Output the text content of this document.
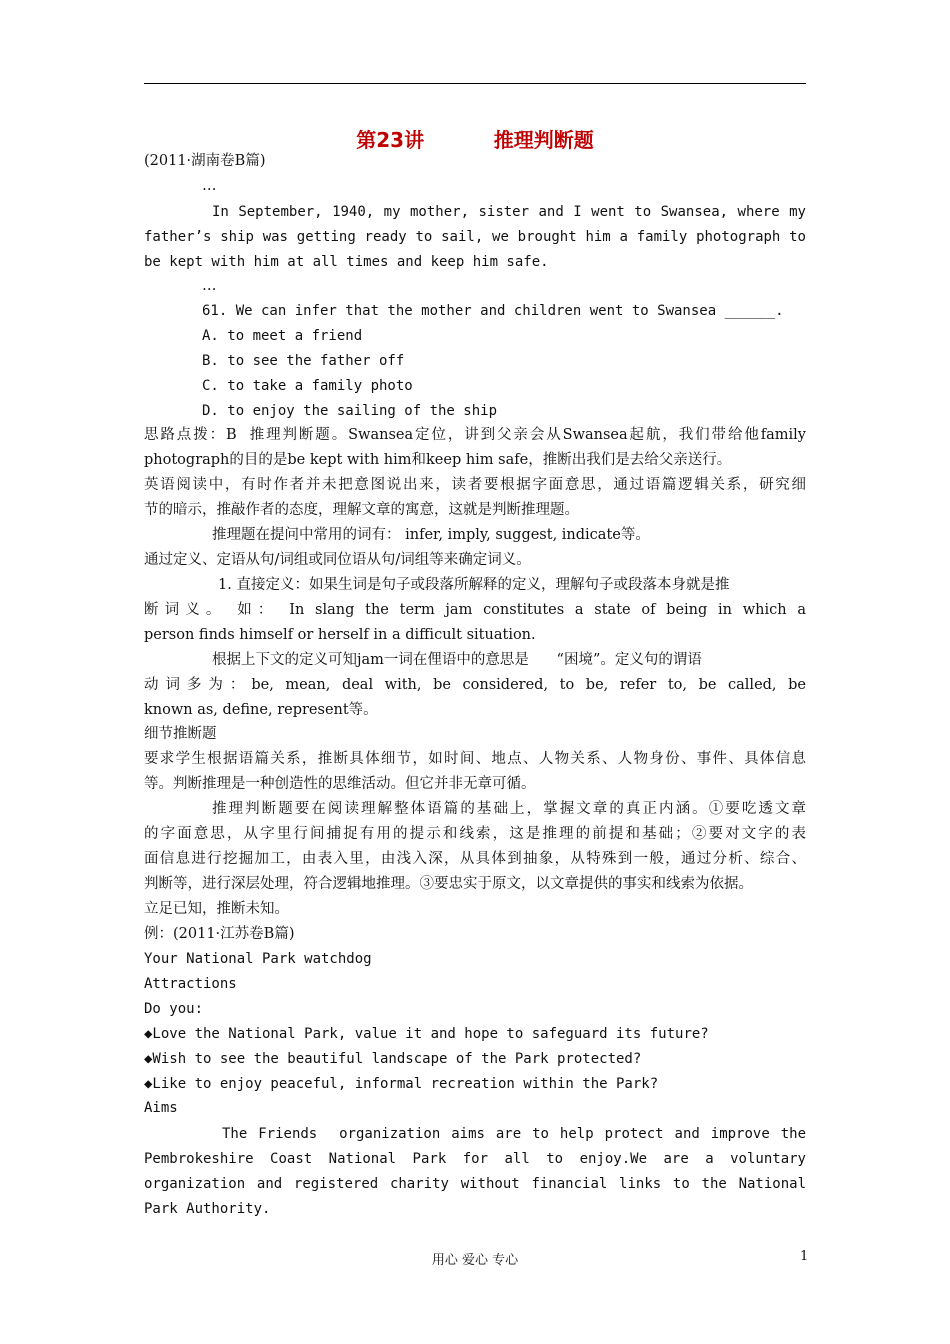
第23讲          推理判断题
(2011·湖南卷B篇)
…
In September, 1940, my mother, sister and I went to Swansea, where my
father’s ship was getting ready to sail, we brought him a family photograph to
be kept with him at all times and keep him safe.
…
61. We can infer that the mother and children went to Swansea ______.
A. to meet a friend
B. to see the father off
C. to take a family photo
D. to enjoy the sailing of the ship
思路点拨：B  推理判断题。Swansea定位，讲到父亲会从Swansea起航，我们带给他family
photograph的目的是be kept with him和keep him safe，推断出我们是去给父亲送行。
英语阅读中，有时作者并未把意图说出来，读者要根据字面意思，通过语篇逻辑关系，研究细
节的暗示，推敲作者的态度，理解文章的寓意，这就是判断推理题。
推理题在提问中常用的词有： infer, imply, suggest, indicate等。
通过定义、定语从句/词组或同位语从句/词组等来确定词义。
1. 直接定义：如果生词是句子或段落所解释的定义，理解句子或段落本身就是推
断词义。 如： In slang the term jam constitutes a state of being in which a
person finds himself or herself in a difficult situation.
根据上下文的定义可知jam一词在俚语中的意思是      “困境”。定义句的谓语
动词多为：be, mean, deal with, be considered, to be, refer to, be called, be
known as, define, represent等。
细节推断题
要求学生根据语篇关系，推断具体细节，如时间、地点、人物关系、人物身份、事件、具体信息
等。判断推理是一种创造性的思维活动。但它并非无章可循。
推理判断题要在阅读理解整体语篇的基础上，掌握文章的真正内涵。①要吃透文章
的字面意思，从字里行间捕捉有用的提示和线索，这是推理的前提和基础；②要对文字的表
面信息进行挖掘加工，由表入里，由浅入深，从具体到抽象，从特殊到一般，通过分析、综合、
判断等，进行深层处理，符合逻辑地推理。③要忠实于原文，以文章提供的事实和线索为依据。
立足已知，推断未知。
例：(2011·江苏卷B篇)
Your National Park watchdog
Attractions
Do you:
◆Love the National Park, value it and hope to safeguard its future?
◆Wish to see the beautiful landscape of the Park protected?
◆Like to enjoy peaceful, informal recreation within the Park?
Aims
The Friends  organization aims are to help protect and improve the
Pembrokeshire Coast National Park for all to enjoy.We are a voluntary
organization and registered charity without financial links to the National
Park Authority.
用心 爱心 专心	1
